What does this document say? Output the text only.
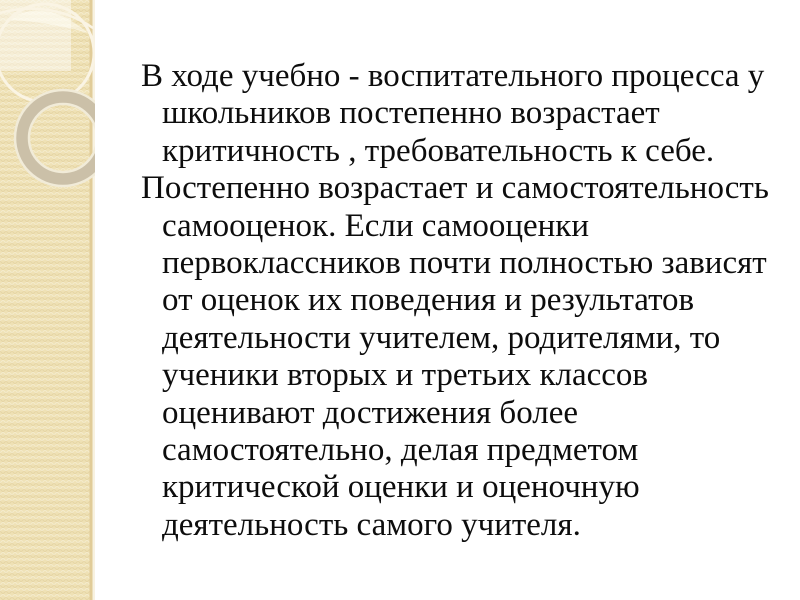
В ходе учебно - воспитательного процесса у
школьников постепенно возрастает
критичность , требовательность к себе.
Постепенно возрастает и самостоятельность
самооценок. Если самооценки
первоклассников почти полностью зависят
от оценок их поведения и результатов
деятельности учителем, родителями, то
ученики вторых и третьих классов
оценивают достижения более
самостоятельно, делая предметом
критической оценки и оценочную
деятельность самого учителя.
